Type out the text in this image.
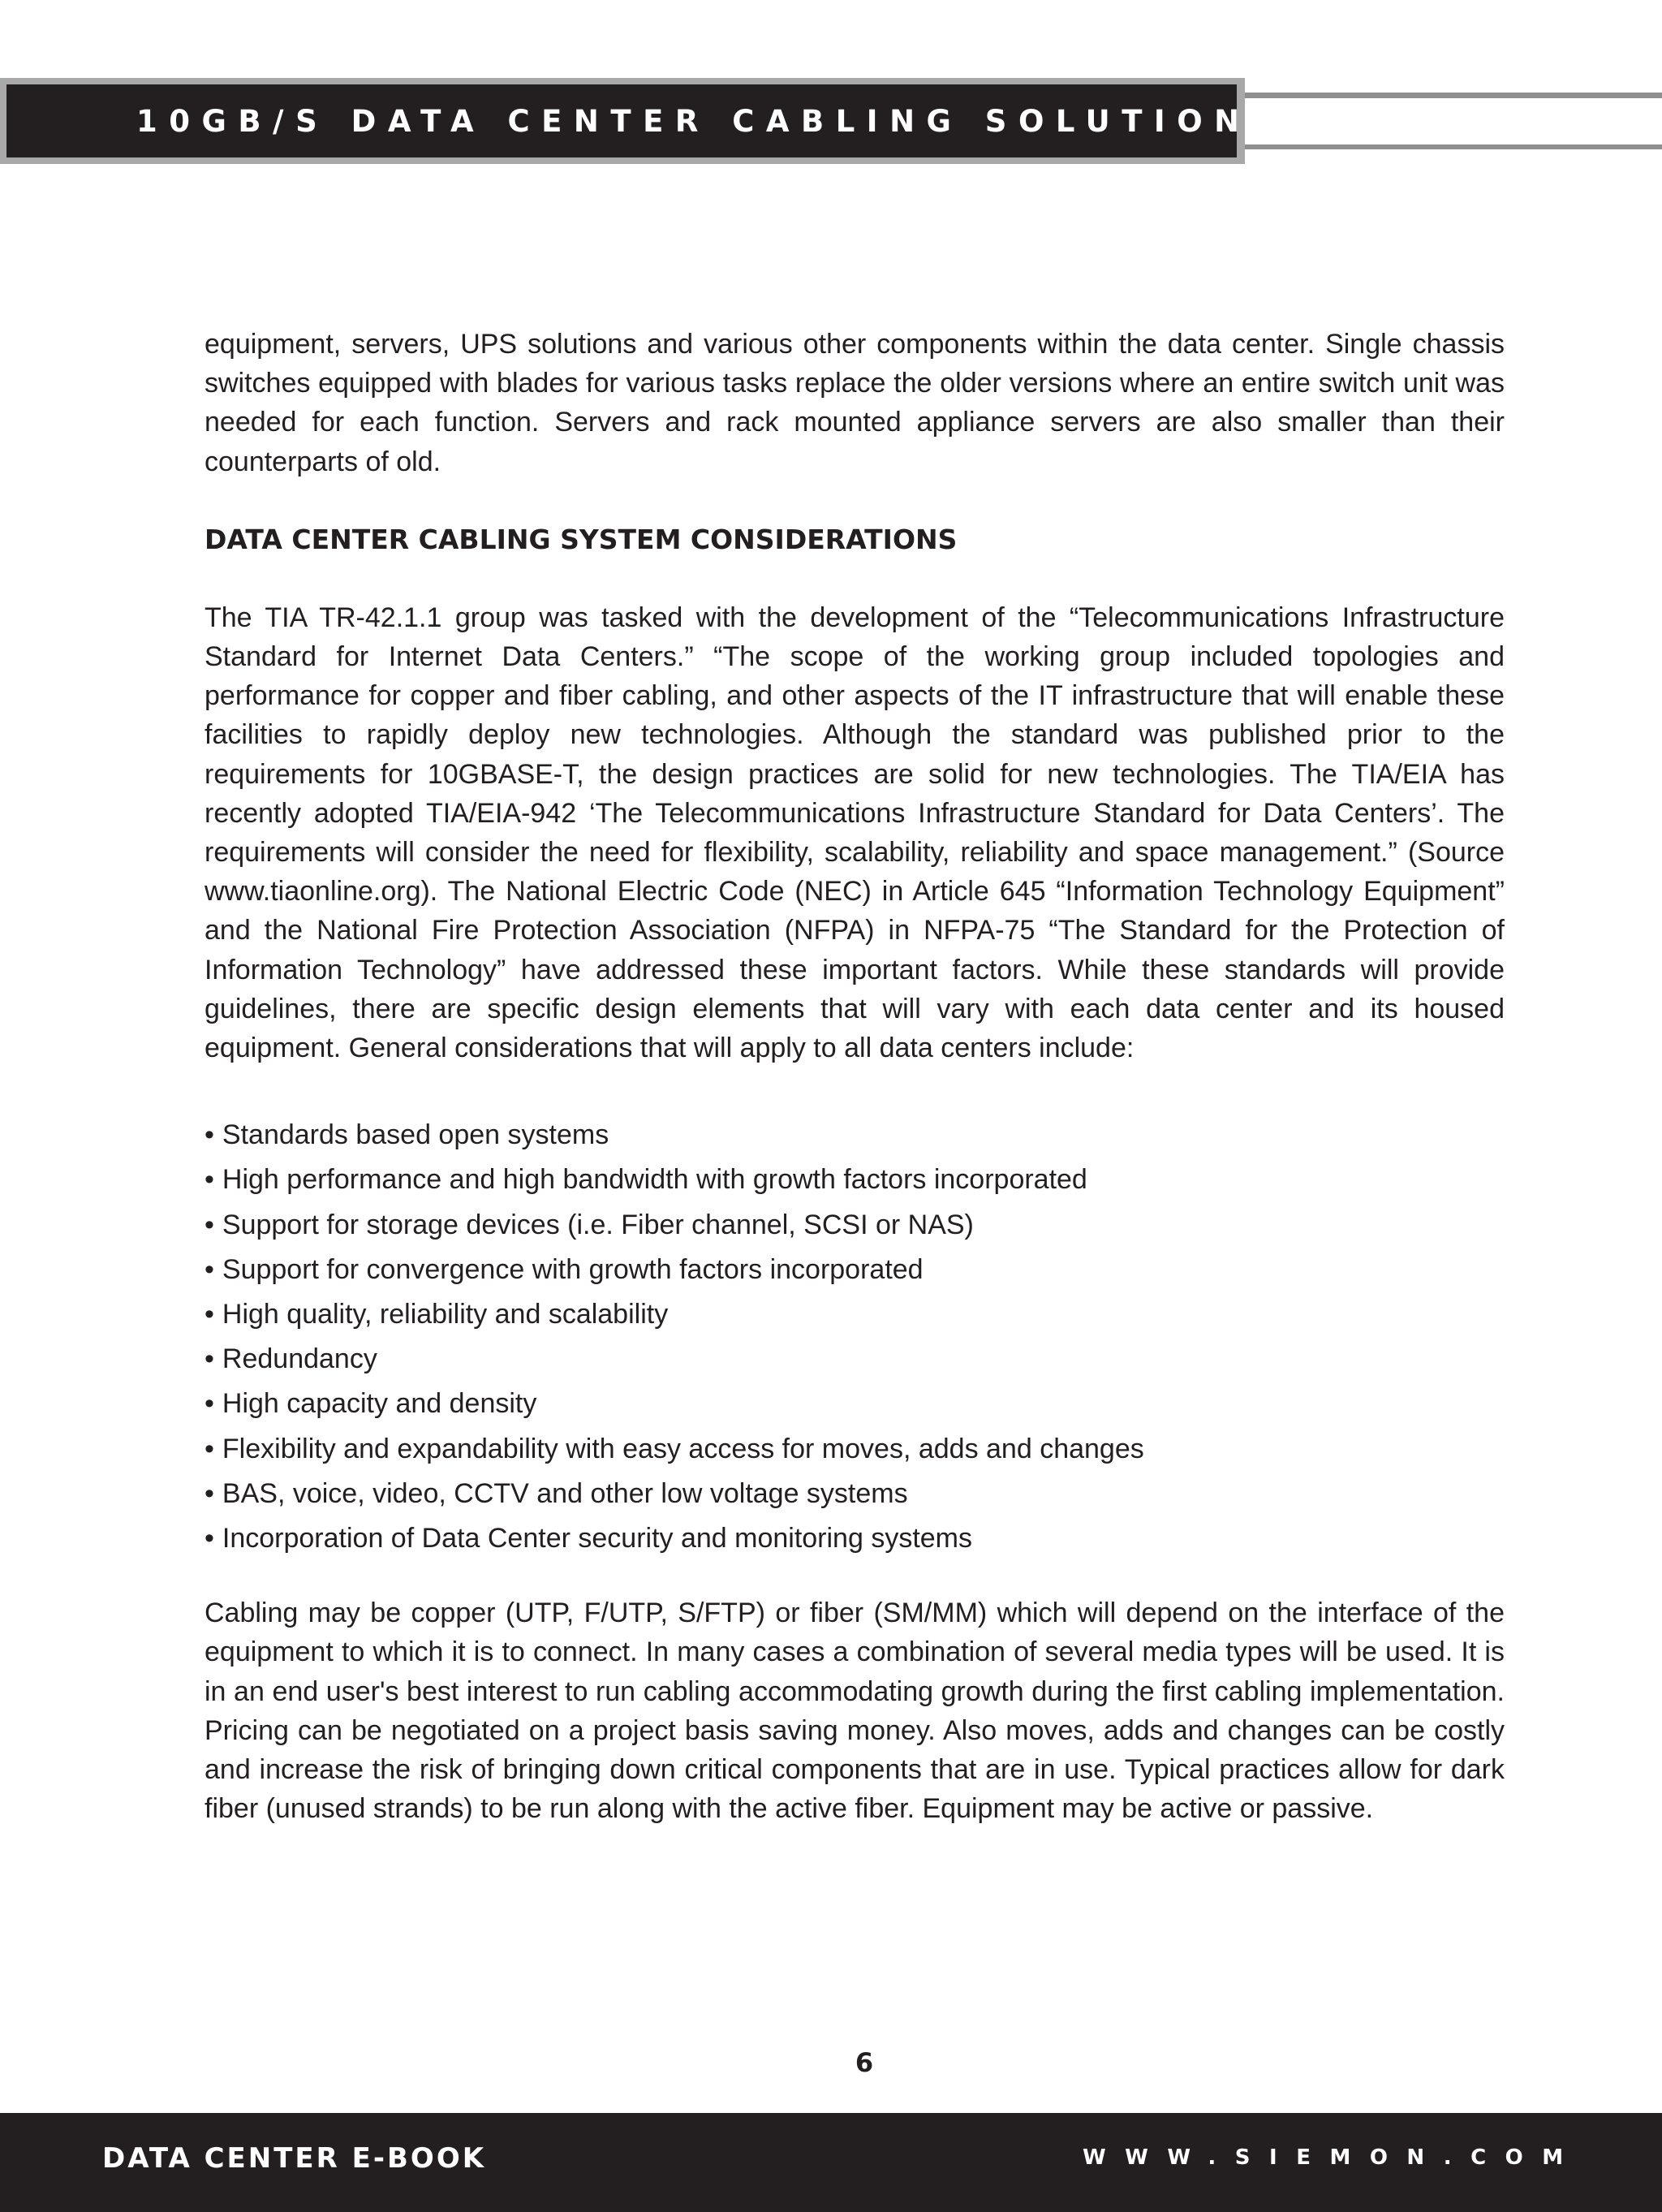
10GB/S DATA CENTER CABLING SOLUTIONS

equipment, servers, UPS solutions and various other components within the data center. Single chassis switches equipped with blades for various tasks replace the older versions where an entire switch unit was needed for each function. Servers and rack mounted appliance servers are also smaller than their counterparts of old.

DATA CENTER CABLING SYSTEM CONSIDERATIONS

The TIA TR-42.1.1 group was tasked with the development of the “Telecommunications Infrastructure Standard for Internet Data Centers.” “The scope of the working group included topologies and performance for copper and fiber cabling, and other aspects of the IT infrastructure that will enable these facilities to rapidly deploy new technologies. Although the standard was published prior to the requirements for 10GBASE-T, the design practices are solid for new technologies. The TIA/EIA has recently adopted TIA/EIA-942 ‘The Telecommunications Infrastructure Standard for Data Centers’. The requirements will consider the need for flexibility, scalability, reliability and space management.” (Source www.tiaonline.org). The National Electric Code (NEC) in Article 645 “Information Technology Equipment” and the National Fire Protection Association (NFPA) in NFPA-75 “The Standard for the Protection of Information Technology” have addressed these important factors. While these standards will provide guidelines, there are specific design elements that will vary with each data center and its housed equipment. General considerations that will apply to all data centers include:

• Standards based open systems
• High performance and high bandwidth with growth factors incorporated
• Support for storage devices (i.e. Fiber channel, SCSI or NAS)
• Support for convergence with growth factors incorporated
• High quality, reliability and scalability
• Redundancy
• High capacity and density
• Flexibility and expandability with easy access for moves, adds and changes
• BAS, voice, video, CCTV and other low voltage systems
• Incorporation of Data Center security and monitoring systems

Cabling may be copper (UTP, F/UTP, S/FTP) or fiber (SM/MM) which will depend on the interface of the equipment to which it is to connect. In many cases a combination of several media types will be used. It is in an end user's best interest to run cabling accommodating growth during the first cabling implementation. Pricing can be negotiated on a project basis saving money. Also moves, adds and changes can be costly and increase the risk of bringing down critical components that are in use. Typical practices allow for dark fiber (unused strands) to be run along with the active fiber. Equipment may be active or passive.

6
DATA CENTER E-BOOK	WWW.SIEMON.COM
